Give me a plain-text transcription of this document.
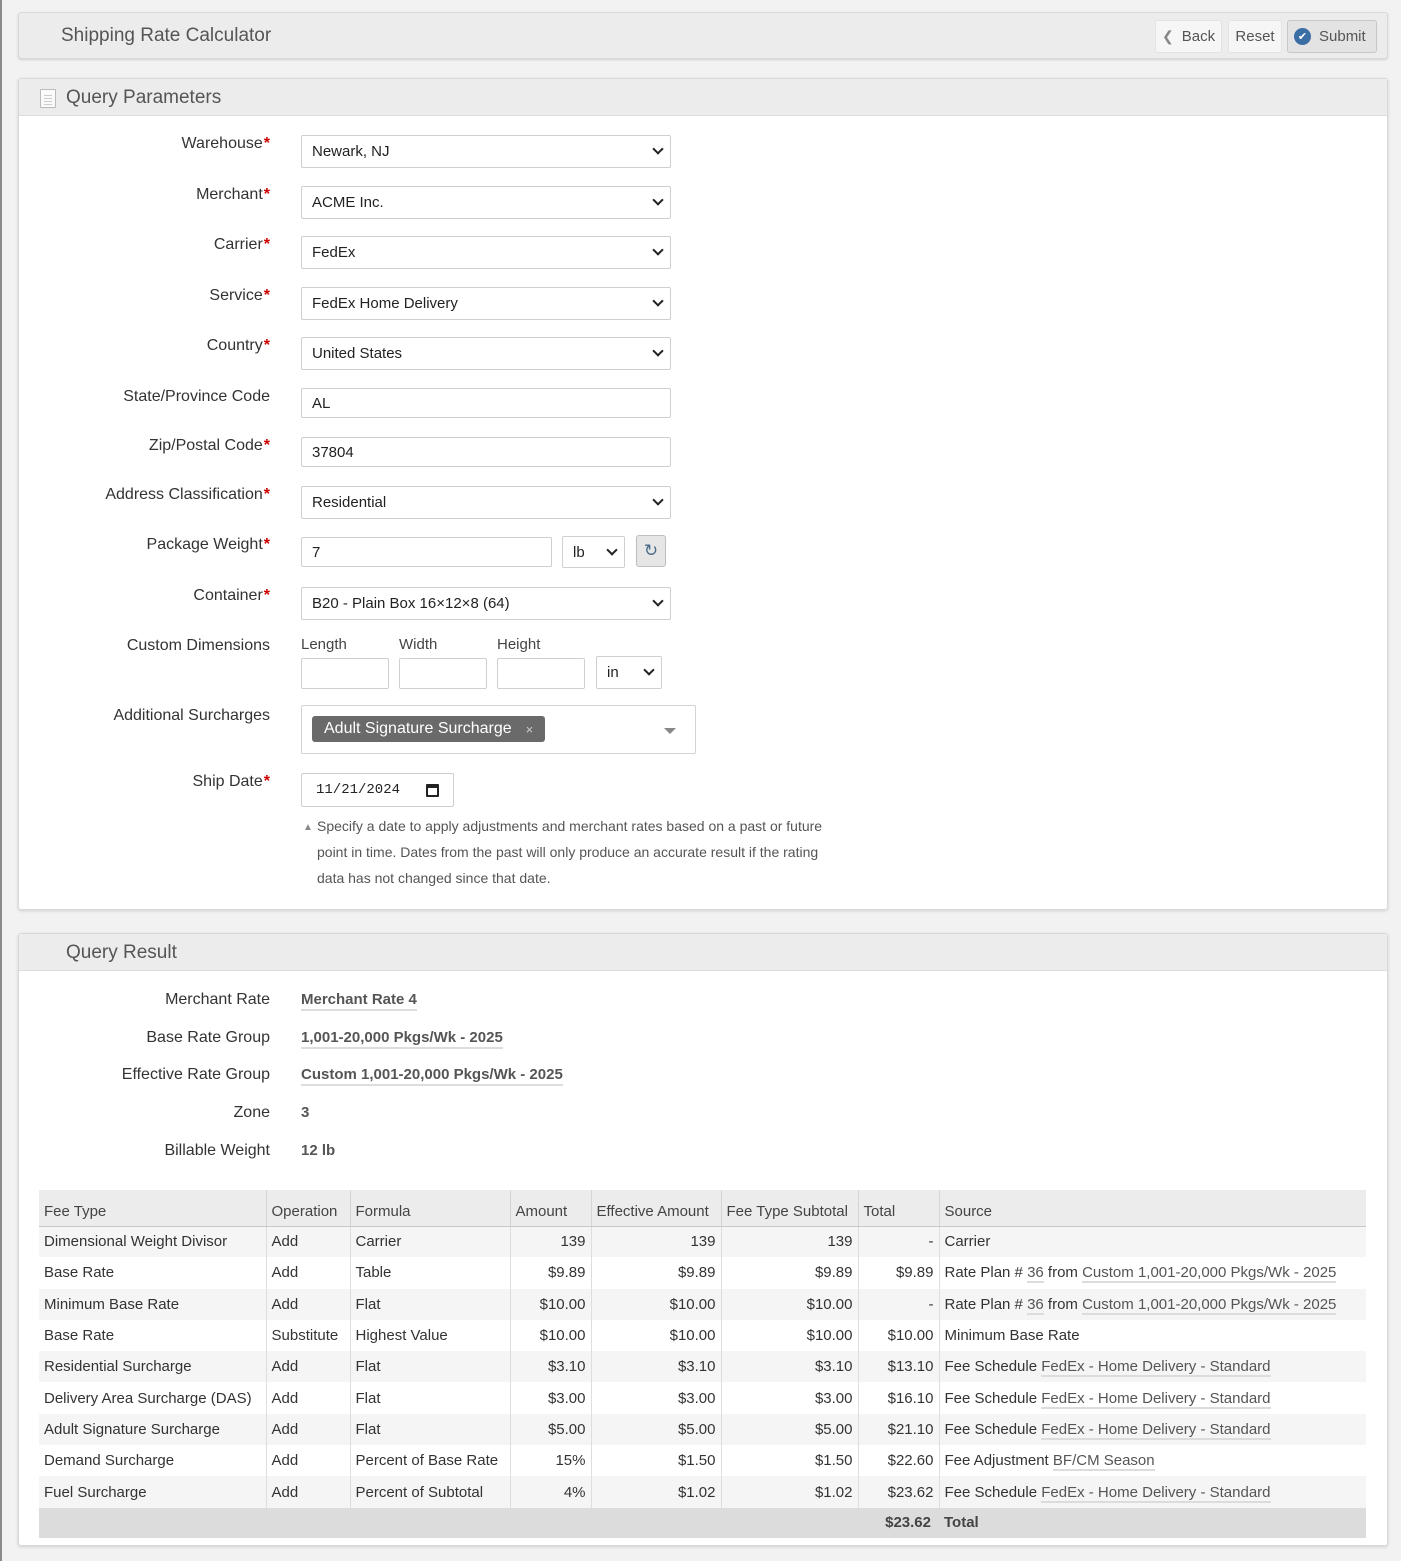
Shipping Rate Calculator	❮ Back	Reset	✔ Submit
Query Parameters
Warehouse*	Newark, NJ
Merchant*	ACME Inc.
Carrier*	FedEx
Service*	FedEx Home Delivery
Country*	United States
State/Province Code	AL
Zip/Postal Code*	37804
Address Classification*	Residential
Package Weight*	7	lb	↻
Container*	B20 - Plain Box 16×12×8 (64)
Custom Dimensions Length	Width	Height
in
Additional Surcharges
Adult Signature Surcharge ×
Ship Date*	11/21/2024
▲ Specify a date to apply adjustments and merchant rates based on a past or future point in time. Dates from the past will only produce an accurate result if the rating data has not changed since that date.
Query Result
Merchant Rate Merchant Rate 4
Base Rate Group 1,001-20,000 Pkgs/Wk - 2025
Effective Rate Group Custom 1,001-20,000 Pkgs/Wk - 2025
Zone 3
Billable Weight 12 lb
Fee Type	Operation	Formula	Amount	Effective Amount	Fee Type Subtotal	Total	Source
Dimensional Weight Divisor	Add	Carrier	139	139	139	-	Carrier
Base Rate	Add	Table	$9.89	$9.89	$9.89	$9.89	Rate Plan # 36 from Custom 1,001-20,000 Pkgs/Wk - 2025
Minimum Base Rate	Add	Flat	$10.00	$10.00	$10.00	-	Rate Plan # 36 from Custom 1,001-20,000 Pkgs/Wk - 2025
Base Rate	Substitute	Highest Value	$10.00	$10.00	$10.00	$10.00	Minimum Base Rate
Residential Surcharge	Add	Flat	$3.10	$3.10	$3.10	$13.10	Fee Schedule FedEx - Home Delivery - Standard
Delivery Area Surcharge (DAS)	Add	Flat	$3.00	$3.00	$3.00	$16.10	Fee Schedule FedEx - Home Delivery - Standard
Adult Signature Surcharge	Add	Flat	$5.00	$5.00	$5.00	$21.10	Fee Schedule FedEx - Home Delivery - Standard
Demand Surcharge	Add	Percent of Base Rate	15%	$1.50	$1.50	$22.60	Fee Adjustment BF/CM Season
Fuel Surcharge	Add	Percent of Subtotal	4%	$1.02	$1.02	$23.62	Fee Schedule FedEx - Home Delivery - Standard
						$23.62	Total
